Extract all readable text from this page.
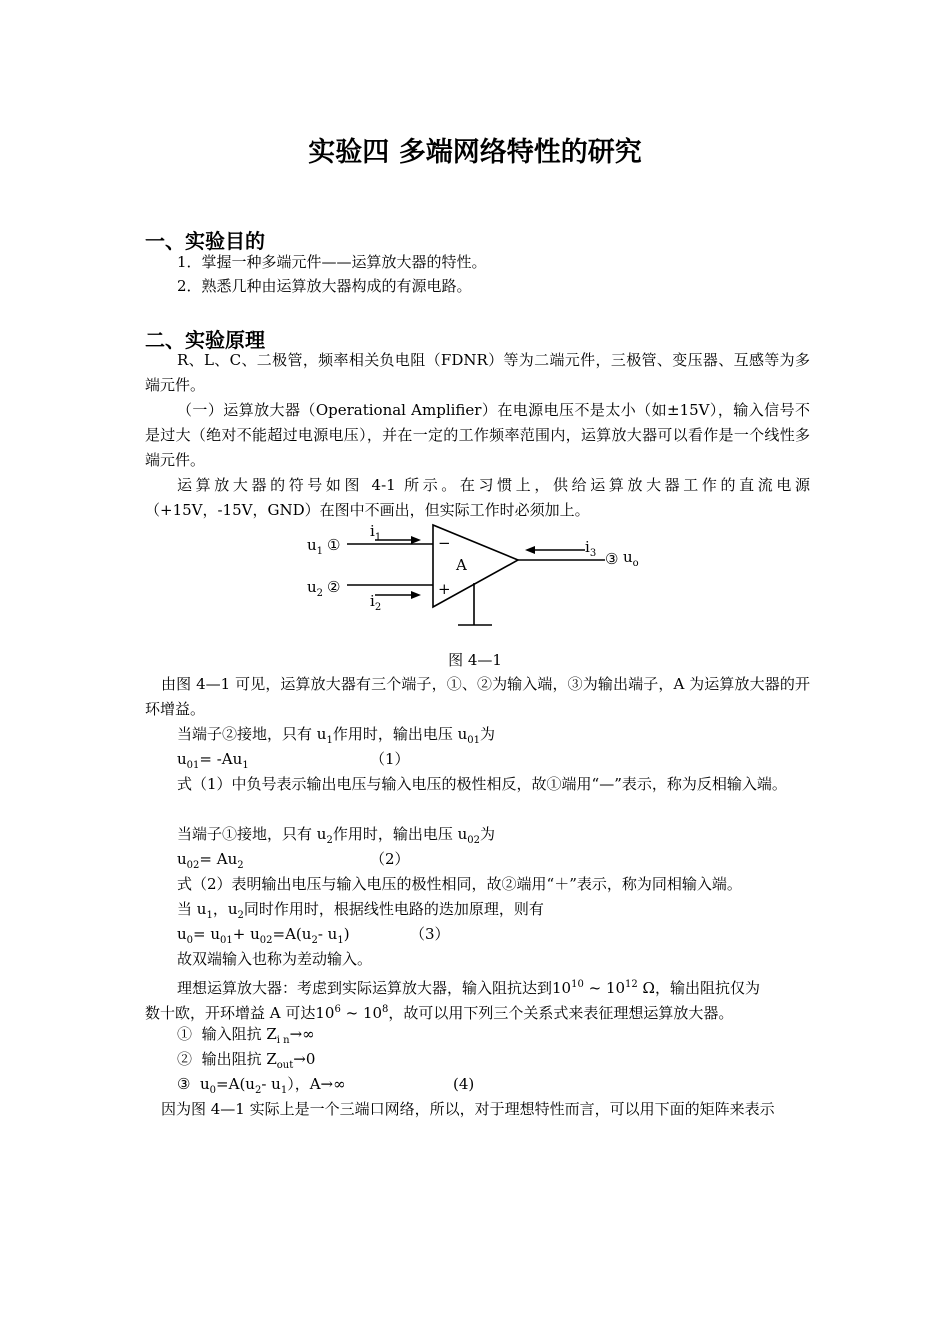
实验四 多端网络特性的研究
一、实验目的
1．掌握一种多端元件——运算放大器的特性。
2．熟悉几种由运算放大器构成的有源电路。
二、实验原理
R、L、C、二极管，频率相关负电阻（FDNR）等为二端元件，三极管、变压器、互感等为多端元件。
（一）运算放大器（Operational Amplifier）在电源电压不是太小（如±15V），输入信号不是过大（绝对不能超过电源电压），并在一定的工作频率范围内，运算放大器可以看作是一个线性多端元件。
运算放大器的符号如图 4-1 所示。在习惯上，供给运算放大器工作的直流电源（+15V，-15V，GND）在图中不画出，但实际工作时必须加上。
$u_1$ ①
$u_2$ ②
$i_1$
$i_2$
$i_3$ ③ $u_o$
A
−
+
图 4—1
由图 4—1 可见，运算放大器有三个端子，①、②为输入端，③为输出端子，A 为运算放大器的开环增益。
当端子②接地，只有 $u_1$作用时，输出电压 $u_{01}$为
$u_{01}= -Au_1$	（1）
式（1）中负号表示输出电压与输入电压的极性相反，故①端用“—”表示，称为反相输入端。
当端子①接地，只有 $u_2$作用时，输出电压 $u_{02}$为
$u_{02}= Au_2$	（2）
式（2）表明输出电压与输入电压的极性相同，故②端用“＋”表示，称为同相输入端。
当 $u_1$，$u_2$同时作用时，根据线性电路的迭加原理，则有
$u_0= u_{01}+ u_{02}=A(u_2-$ $u_1$)	（3）
故双端输入也称为差动输入。
理想运算放大器：考虑到实际运算放大器，输入阻抗达到$10^{10}$ ~ $10^{12}$ Ω，输出阻抗仅为
数十欧，开环增益 A 可达$10^6$ ~ $10^8$，故可以用下列三个关系式来表征理想运算放大器。
① 输入阻抗 $Z_{i n}\to\infty$
② 输出阻抗 $Z_{out}\to 0$
③ $u_0=A(u_2-$ $u_1$），A→∞	(4)
因为图 4—1 实际上是一个三端口网络，所以，对于理想特性而言，可以用下面的矩阵来表示
